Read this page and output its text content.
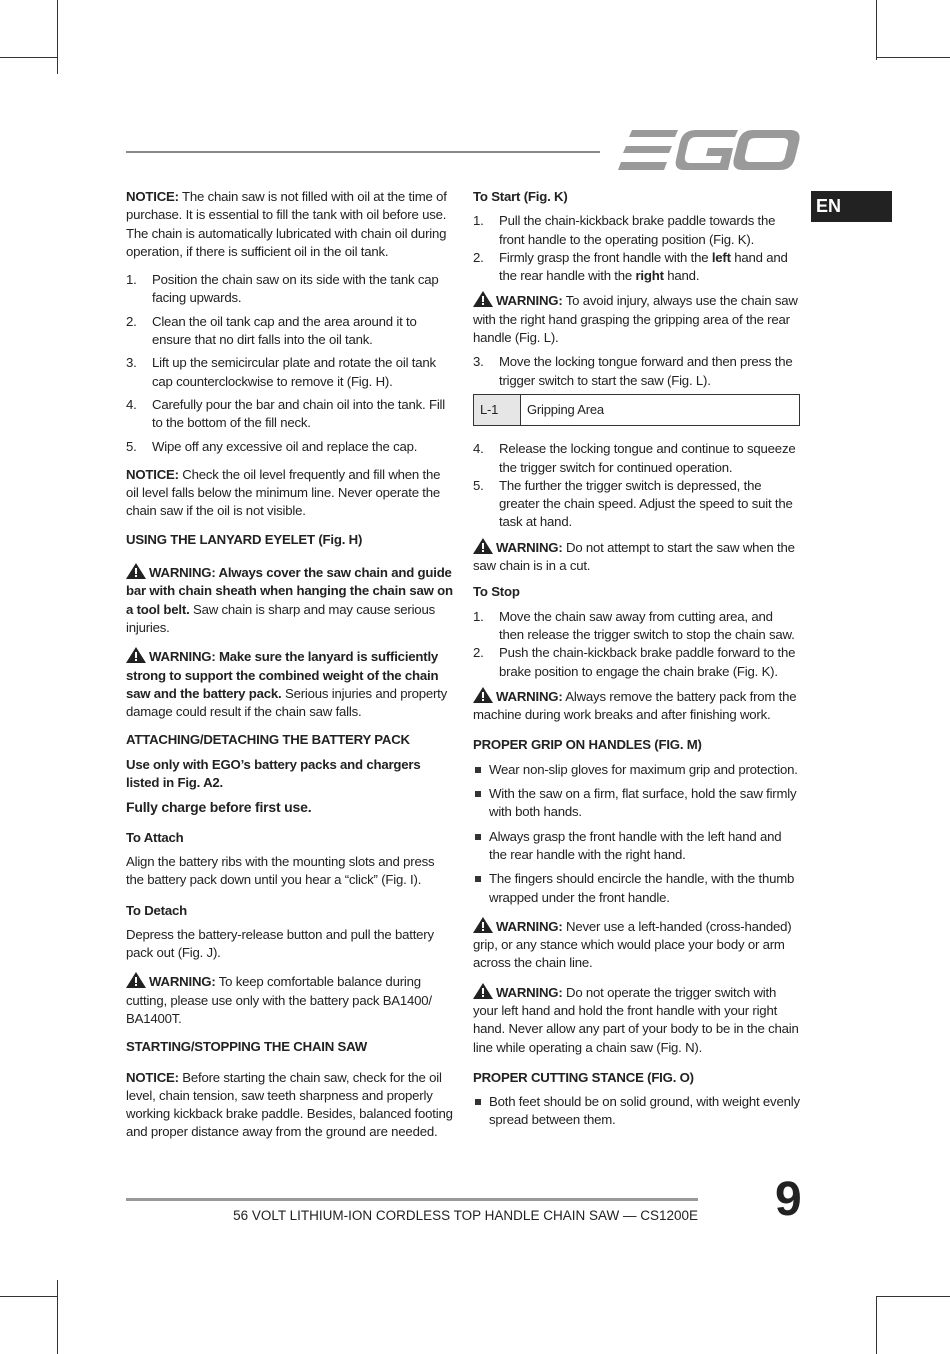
EN

NOTICE: The chain saw is not filled with oil at the time of purchase. It is essential to fill the tank with oil before use. The chain is automatically lubricated with chain oil during operation, if there is sufficient oil in the oil tank.

1. Position the chain saw on its side with the tank cap facing upwards.
2. Clean the oil tank cap and the area around it to ensure that no dirt falls into the oil tank.
3. Lift up the semicircular plate and rotate the oil tank cap counterclockwise to remove it (Fig. H).
4. Carefully pour the bar and chain oil into the tank. Fill to the bottom of the fill neck.
5. Wipe off any excessive oil and replace the cap.

NOTICE: Check the oil level frequently and fill when the oil level falls below the minimum line. Never operate the chain saw if the oil is not visible.

USING THE LANYARD EYELET (Fig. H)

WARNING: Always cover the saw chain and guide bar with chain sheath when hanging the chain saw on a tool belt. Saw chain is sharp and may cause serious injuries.

WARNING: Make sure the lanyard is sufficiently strong to support the combined weight of the chain saw and the battery pack. Serious injuries and property damage could result if the chain saw falls.

ATTACHING/DETACHING THE BATTERY PACK

Use only with EGO’s battery packs and chargers listed in Fig. A2.

Fully charge before first use.

To Attach

Align the battery ribs with the mounting slots and press the battery pack down until you hear a “click” (Fig. I).

To Detach

Depress the battery-release button and pull the battery pack out (Fig. J).

WARNING: To keep comfortable balance during cutting, please use only with the battery pack BA1400/ BA1400T.

STARTING/STOPPING THE CHAIN SAW

NOTICE: Before starting the chain saw, check for the oil level, chain tension, saw teeth sharpness and properly working kickback brake paddle. Besides, balanced footing and proper distance away from the ground are needed.

To Start (Fig. K)

1. Pull the chain-kickback brake paddle towards the front handle to the operating position (Fig. K).
2. Firmly grasp the front handle with the left hand and the rear handle with the right hand.

WARNING: To avoid injury, always use the chain saw with the right hand grasping the gripping area of the rear handle (Fig. L).

3. Move the locking tongue forward and then press the trigger switch to start the saw (Fig. L).
L-1	Gripping Area
4. Release the locking tongue and continue to squeeze the trigger switch for continued operation.
5. The further the trigger switch is depressed, the greater the chain speed. Adjust the speed to suit the task at hand.

WARNING: Do not attempt to start the saw when the saw chain is in a cut.

To Stop

1. Move the chain saw away from cutting area, and then release the trigger switch to stop the chain saw.
2. Push the chain-kickback brake paddle forward to the brake position to engage the chain brake (Fig. K).

WARNING: Always remove the battery pack from the machine during work breaks and after finishing work.

PROPER GRIP ON HANDLES (FIG. M)

Wear non-slip gloves for maximum grip and protection.
With the saw on a firm, flat surface, hold the saw firmly with both hands.
Always grasp the front handle with the left hand and the rear handle with the right hand.
The fingers should encircle the handle, with the thumb wrapped under the front handle.

WARNING: Never use a left-handed (cross-handed) grip, or any stance which would place your body or arm across the chain line.

WARNING: Do not operate the trigger switch with your left hand and hold the front handle with your right hand. Never allow any part of your body to be in the chain line while operating a chain saw (Fig. N).

PROPER CUTTING STANCE (FIG. O)

Both feet should be on solid ground, with weight evenly spread between them.
56 VOLT LITHIUM-ION CORDLESS TOP HANDLE CHAIN SAW — CS1200E 9
